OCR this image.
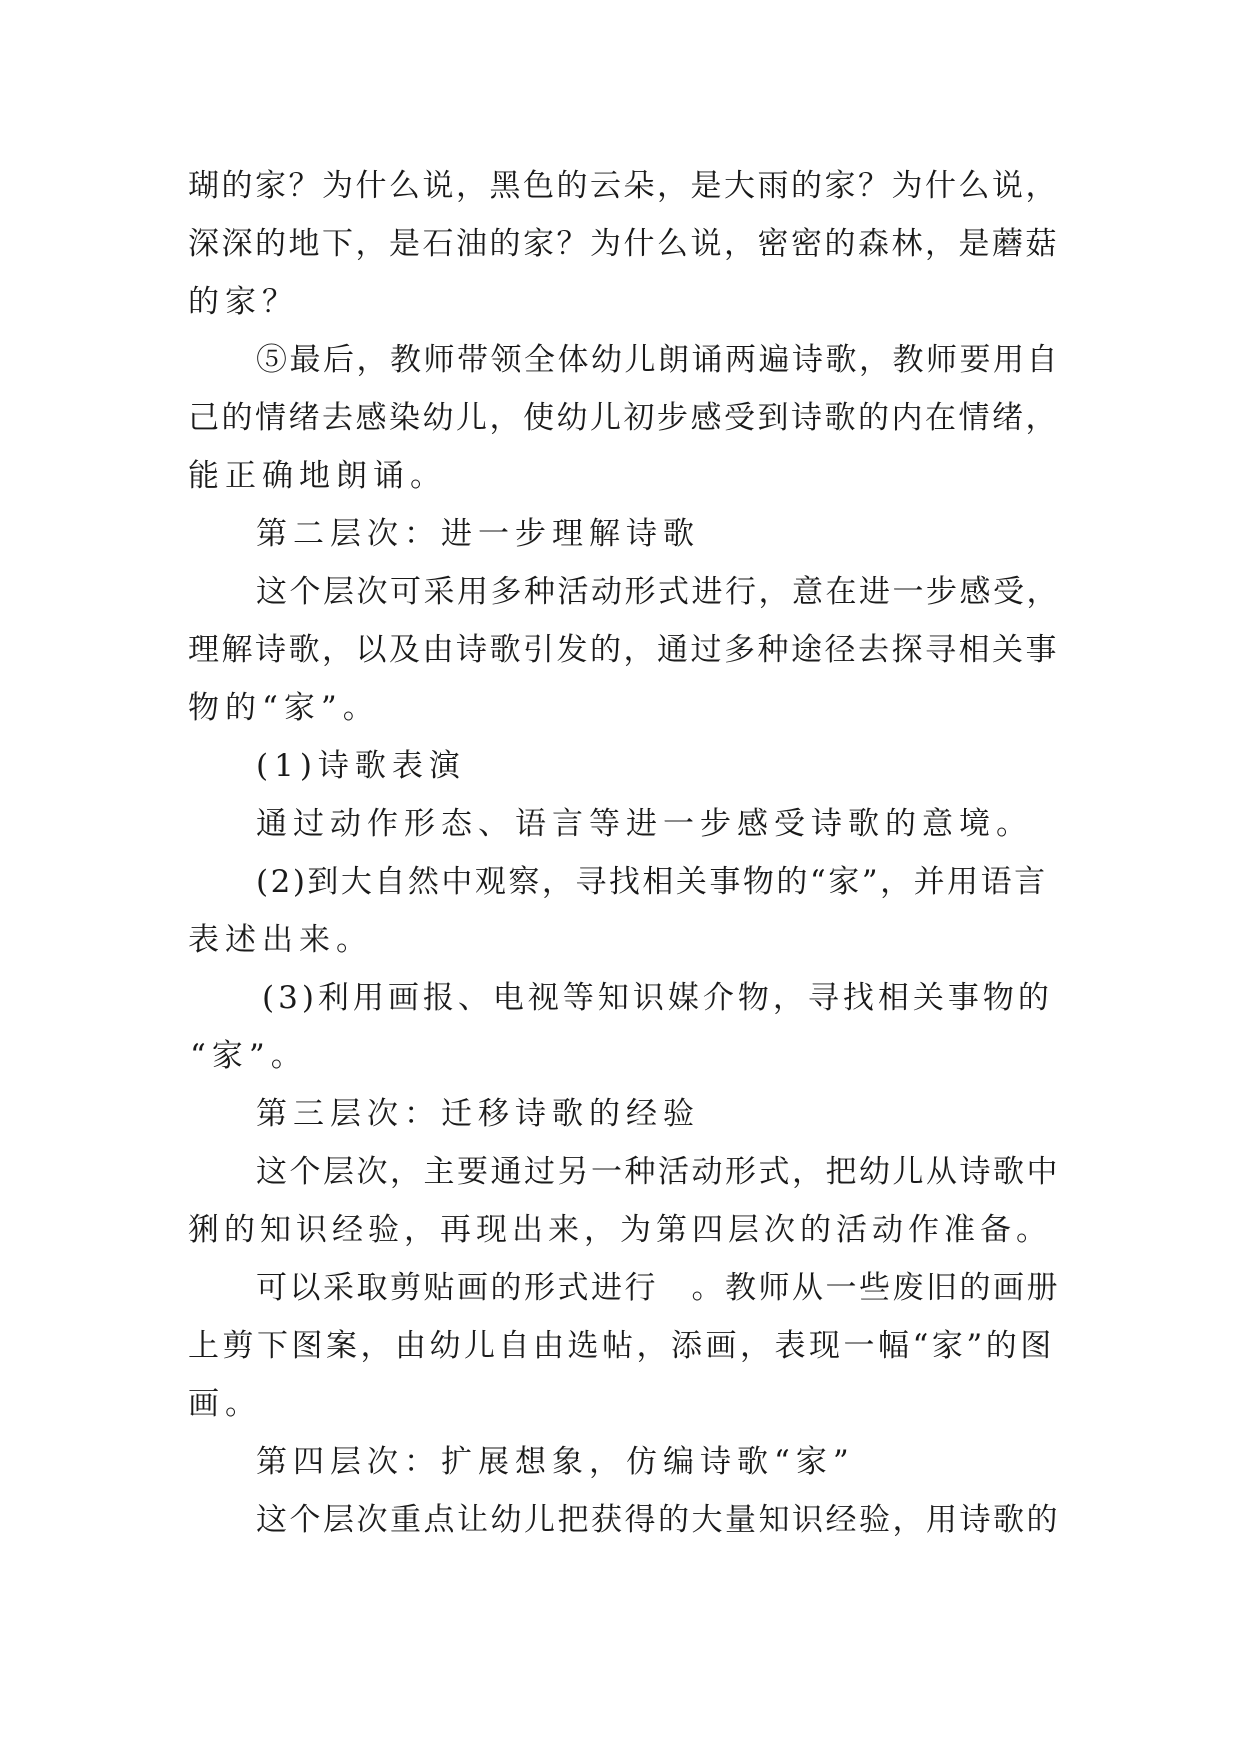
瑚的家？为什么说，黑色的云朵，是大雨的家？为什么说，
深深的地下，是石油的家？为什么说，密密的森林，是蘑菇
的家？
⑤最后，教师带领全体幼儿朗诵两遍诗歌，教师要用自
己的情绪去感染幼儿，使幼儿初步感受到诗歌的内在情绪，
能正确地朗诵。
第二层次：进一步理解诗歌
这个层次可采用多种活动形式进行，意在进一步感受，
理解诗歌，以及由诗歌引发的，通过多种途径去探寻相关事
物的“家”。
(1)诗歌表演
通过动作形态、语言等进一步感受诗歌的意境。
(2)到大自然中观察，寻找相关事物的“家”，并用语言
表述出来。
(3)利用画报、电视等知识媒介物，寻找相关事物的
“家”。
第三层次：迁移诗歌的经验
这个层次，主要通过另一种活动形式，把幼儿从诗歌中
猁的知识经验，再现出来，为第四层次的活动作准备。
可以采取剪贴画的形式进行　。教师从一些废旧的画册
上剪下图案，由幼儿自由选帖，添画，表现一幅“家”的图
画。
第四层次：扩展想象，仿编诗歌“家”
这个层次重点让幼儿把获得的大量知识经验，用诗歌的
